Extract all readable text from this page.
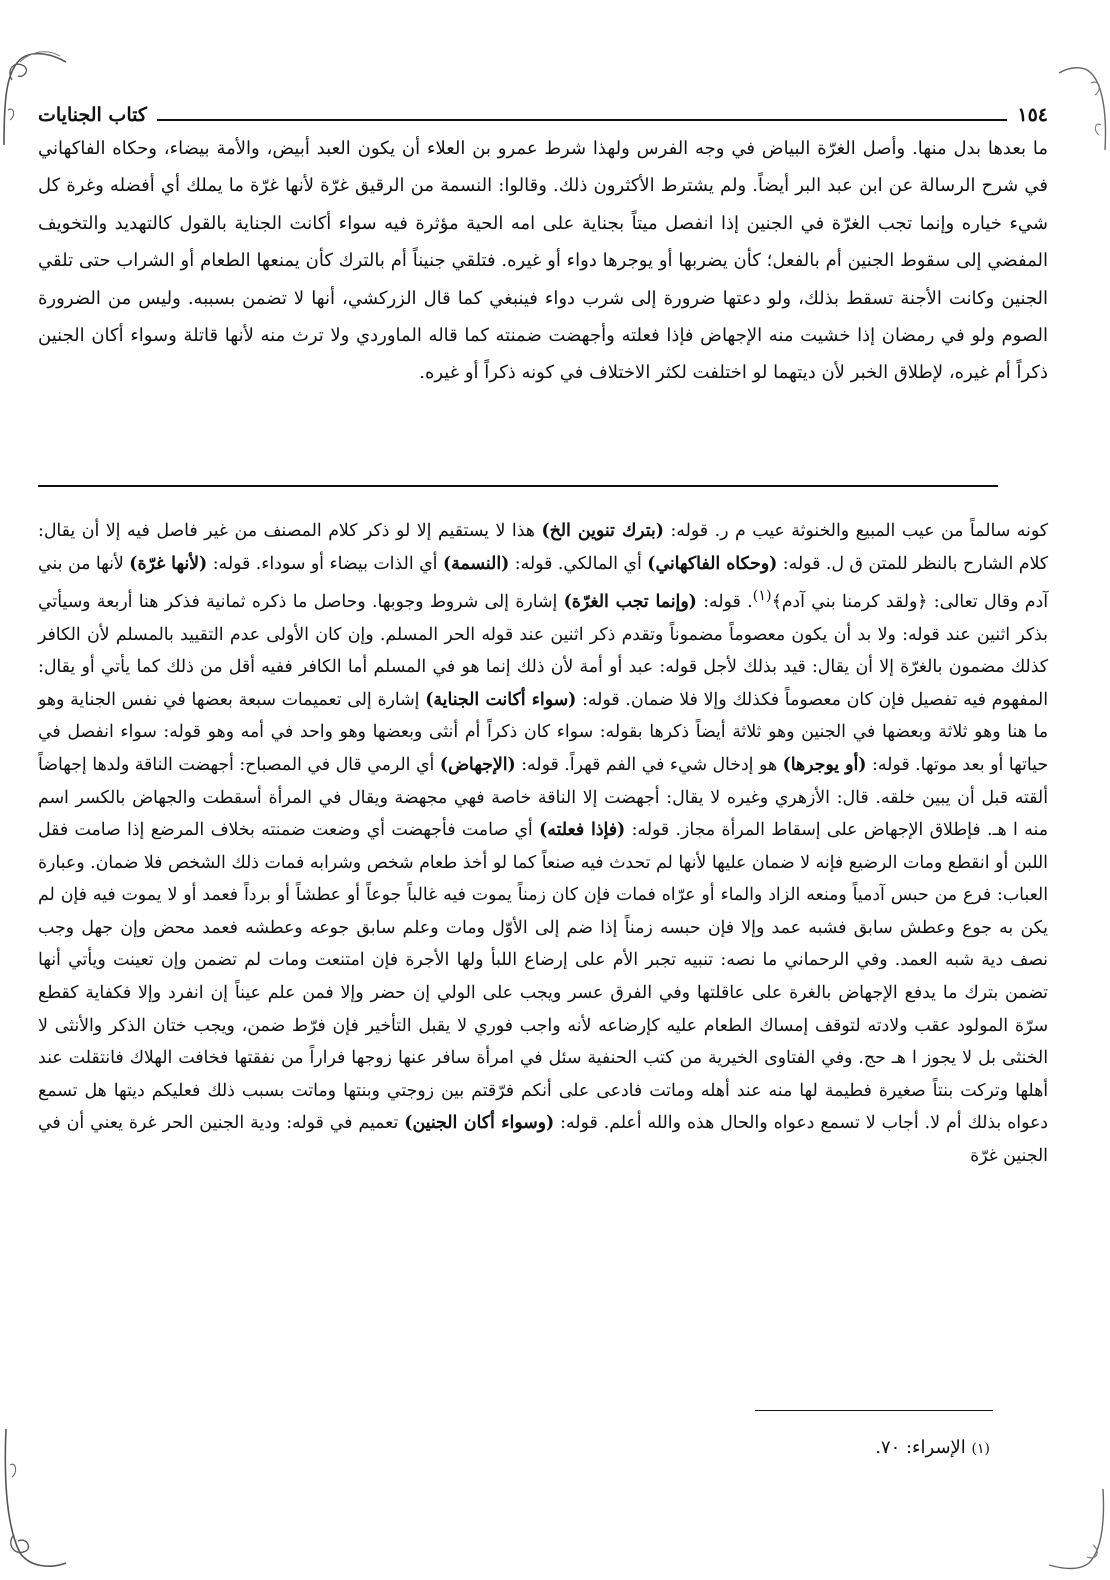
١٥٤
كتاب الجنايات
ما بعدها بدل منها. وأصل الغرّة البياض في وجه الفرس ولهذا شرط عمرو بن العلاء أن يكون العبد أبيض، والأمة بيضاء، وحكاه الفاكهاني في شرح الرسالة عن ابن عبد البر أيضاً. ولم يشترط الأكثرون ذلك. وقالوا: النسمة من الرقيق غرّة لأنها غرّة ما يملك أي أفضله وغرة كل شيء خياره وإنما تجب الغرّة في الجنين إذا انفصل ميتاً بجناية على امه الحية مؤثرة فيه سواء أكانت الجناية بالقول كالتهديد والتخويف المفضي إلى سقوط الجنين أم بالفعل؛ كأن يضربها أو يوجرها دواء أو غيره. فتلقي جنيناً أم بالترك كأن يمنعها الطعام أو الشراب حتى تلقي الجنين وكانت الأجنة تسقط بذلك، ولو دعتها ضرورة إلى شرب دواء فينبغي كما قال الزركشي، أنها لا تضمن بسببه. وليس من الضرورة الصوم ولو في رمضان إذا خشيت منه الإجهاض فإذا فعلته وأجهضت ضمنته كما قاله الماوردي ولا ترث منه لأنها قاتلة وسواء أكان الجنين ذكراً أم غيره، لإطلاق الخبر لأن ديتهما لو اختلفت لكثر الاختلاف في كونه ذكراً أو غيره.
كونه سالماً من عيب المبيع والخنوثة عيب م ر. قوله: (بترك تنوين الخ) هذا لا يستقيم إلا لو ذكر كلام المصنف من غير فاصل فيه إلا أن يقال: كلام الشارح بالنظر للمتن ق ل. قوله: (وحكاه الفاكهاني) أي المالكي. قوله: (النسمة) أي الذات بيضاء أو سوداء. قوله: (لأنها غرّة) لأنها من بني آدم وقال تعالى: ﴿ولقد كرمنا بني آدم﴾$^{(١)}$. قوله: (وإنما تجب الغرّة) إشارة إلى شروط وجوبها. وحاصل ما ذكره ثمانية فذكر هنا أربعة وسيأتي بذكر اثنين عند قوله: ولا بد أن يكون معصوماً مضموناً وتقدم ذكر اثنين عند قوله الحر المسلم. وإن كان الأولى عدم التقييد بالمسلم لأن الكافر كذلك مضمون بالغرّة إلا أن يقال: قيد بذلك لأجل قوله: عبد أو أمة لأن ذلك إنما هو في المسلم أما الكافر ففيه أقل من ذلك كما يأتي أو يقال: المفهوم فيه تفصيل فإن كان معصوماً فكذلك وإلا فلا ضمان. قوله: (سواء أكانت الجناية) إشارة إلى تعميمات سبعة بعضها في نفس الجناية وهو ما هنا وهو ثلاثة وبعضها في الجنين وهو ثلاثة أيضاً ذكرها بقوله: سواء كان ذكراً أم أنثى وبعضها وهو واحد في أمه وهو قوله: سواء انفصل في حياتها أو بعد موتها. قوله: (أو يوجرها) هو إدخال شيء في الفم قهراً. قوله: (الإجهاض) أي الرمي قال في المصباح: أجهضت الناقة ولدها إجهاضاً ألقته قبل أن يبين خلقه. قال: الأزهري وغيره لا يقال: أجهضت إلا الناقة خاصة فهي مجهضة ويقال في المرأة أسقطت والجهاض بالكسر اسم منه ا هـ. فإطلاق الإجهاض على إسقاط المرأة مجاز. قوله: (فإذا فعلته) أي صامت فأجهضت أي وضعت ضمنته بخلاف المرضع إذا صامت فقل اللبن أو انقطع ومات الرضيع فإنه لا ضمان عليها لأنها لم تحدث فيه صنعاً كما لو أخذ طعام شخص وشرابه فمات ذلك الشخص فلا ضمان. وعبارة العباب: فرع من حبس آدمياً ومنعه الزاد والماء أو عرّاه فمات فإن كان زمناً يموت فيه غالباً جوعاً أو عطشاً أو برداً فعمد أو لا يموت فيه فإن لم يكن به جوع وعطش سابق فشبه عمد وإلا فإن حبسه زمناً إذا ضم إلى الأوّل ومات وعلم سابق جوعه وعطشه فعمد محض وإن جهل وجب نصف دية شبه العمد. وفي الرحماني ما نصه: تنبيه تجبر الأم على إرضاع اللبأ ولها الأجرة فإن امتنعت ومات لم تضمن وإن تعينت ويأتي أنها تضمن بترك ما يدفع الإجهاض بالغرة على عاقلتها وفي الفرق عسر ويجب على الولي إن حضر وإلا فمن علم عيناً إن انفرد وإلا فكفاية كقطع سرّة المولود عقب ولادته لتوقف إمساك الطعام عليه كإرضاعه لأنه واجب فوري لا يقبل التأخير فإن فرّط ضمن، ويجب ختان الذكر والأنثى لا الخنثى بل لا يجوز ا هـ حج. وفي الفتاوى الخيرية من كتب الحنفية سئل في امرأة سافر عنها زوجها فراراً من نفقتها فخافت الهلاك فانتقلت عند أهلها وتركت بنتاً صغيرة فطيمة لها منه عند أهله وماتت فادعى على أنكم فرّقتم بين زوجتي وبنتها وماتت بسبب ذلك فعليكم ديتها هل تسمع دعواه بذلك أم لا. أجاب لا تسمع دعواه والحال هذه والله أعلم. قوله: (وسواء أكان الجنين) تعميم في قوله: ودية الجنين الحر غرة يعني أن في الجنين غرّة
(١) الإسراء: ٧٠.
